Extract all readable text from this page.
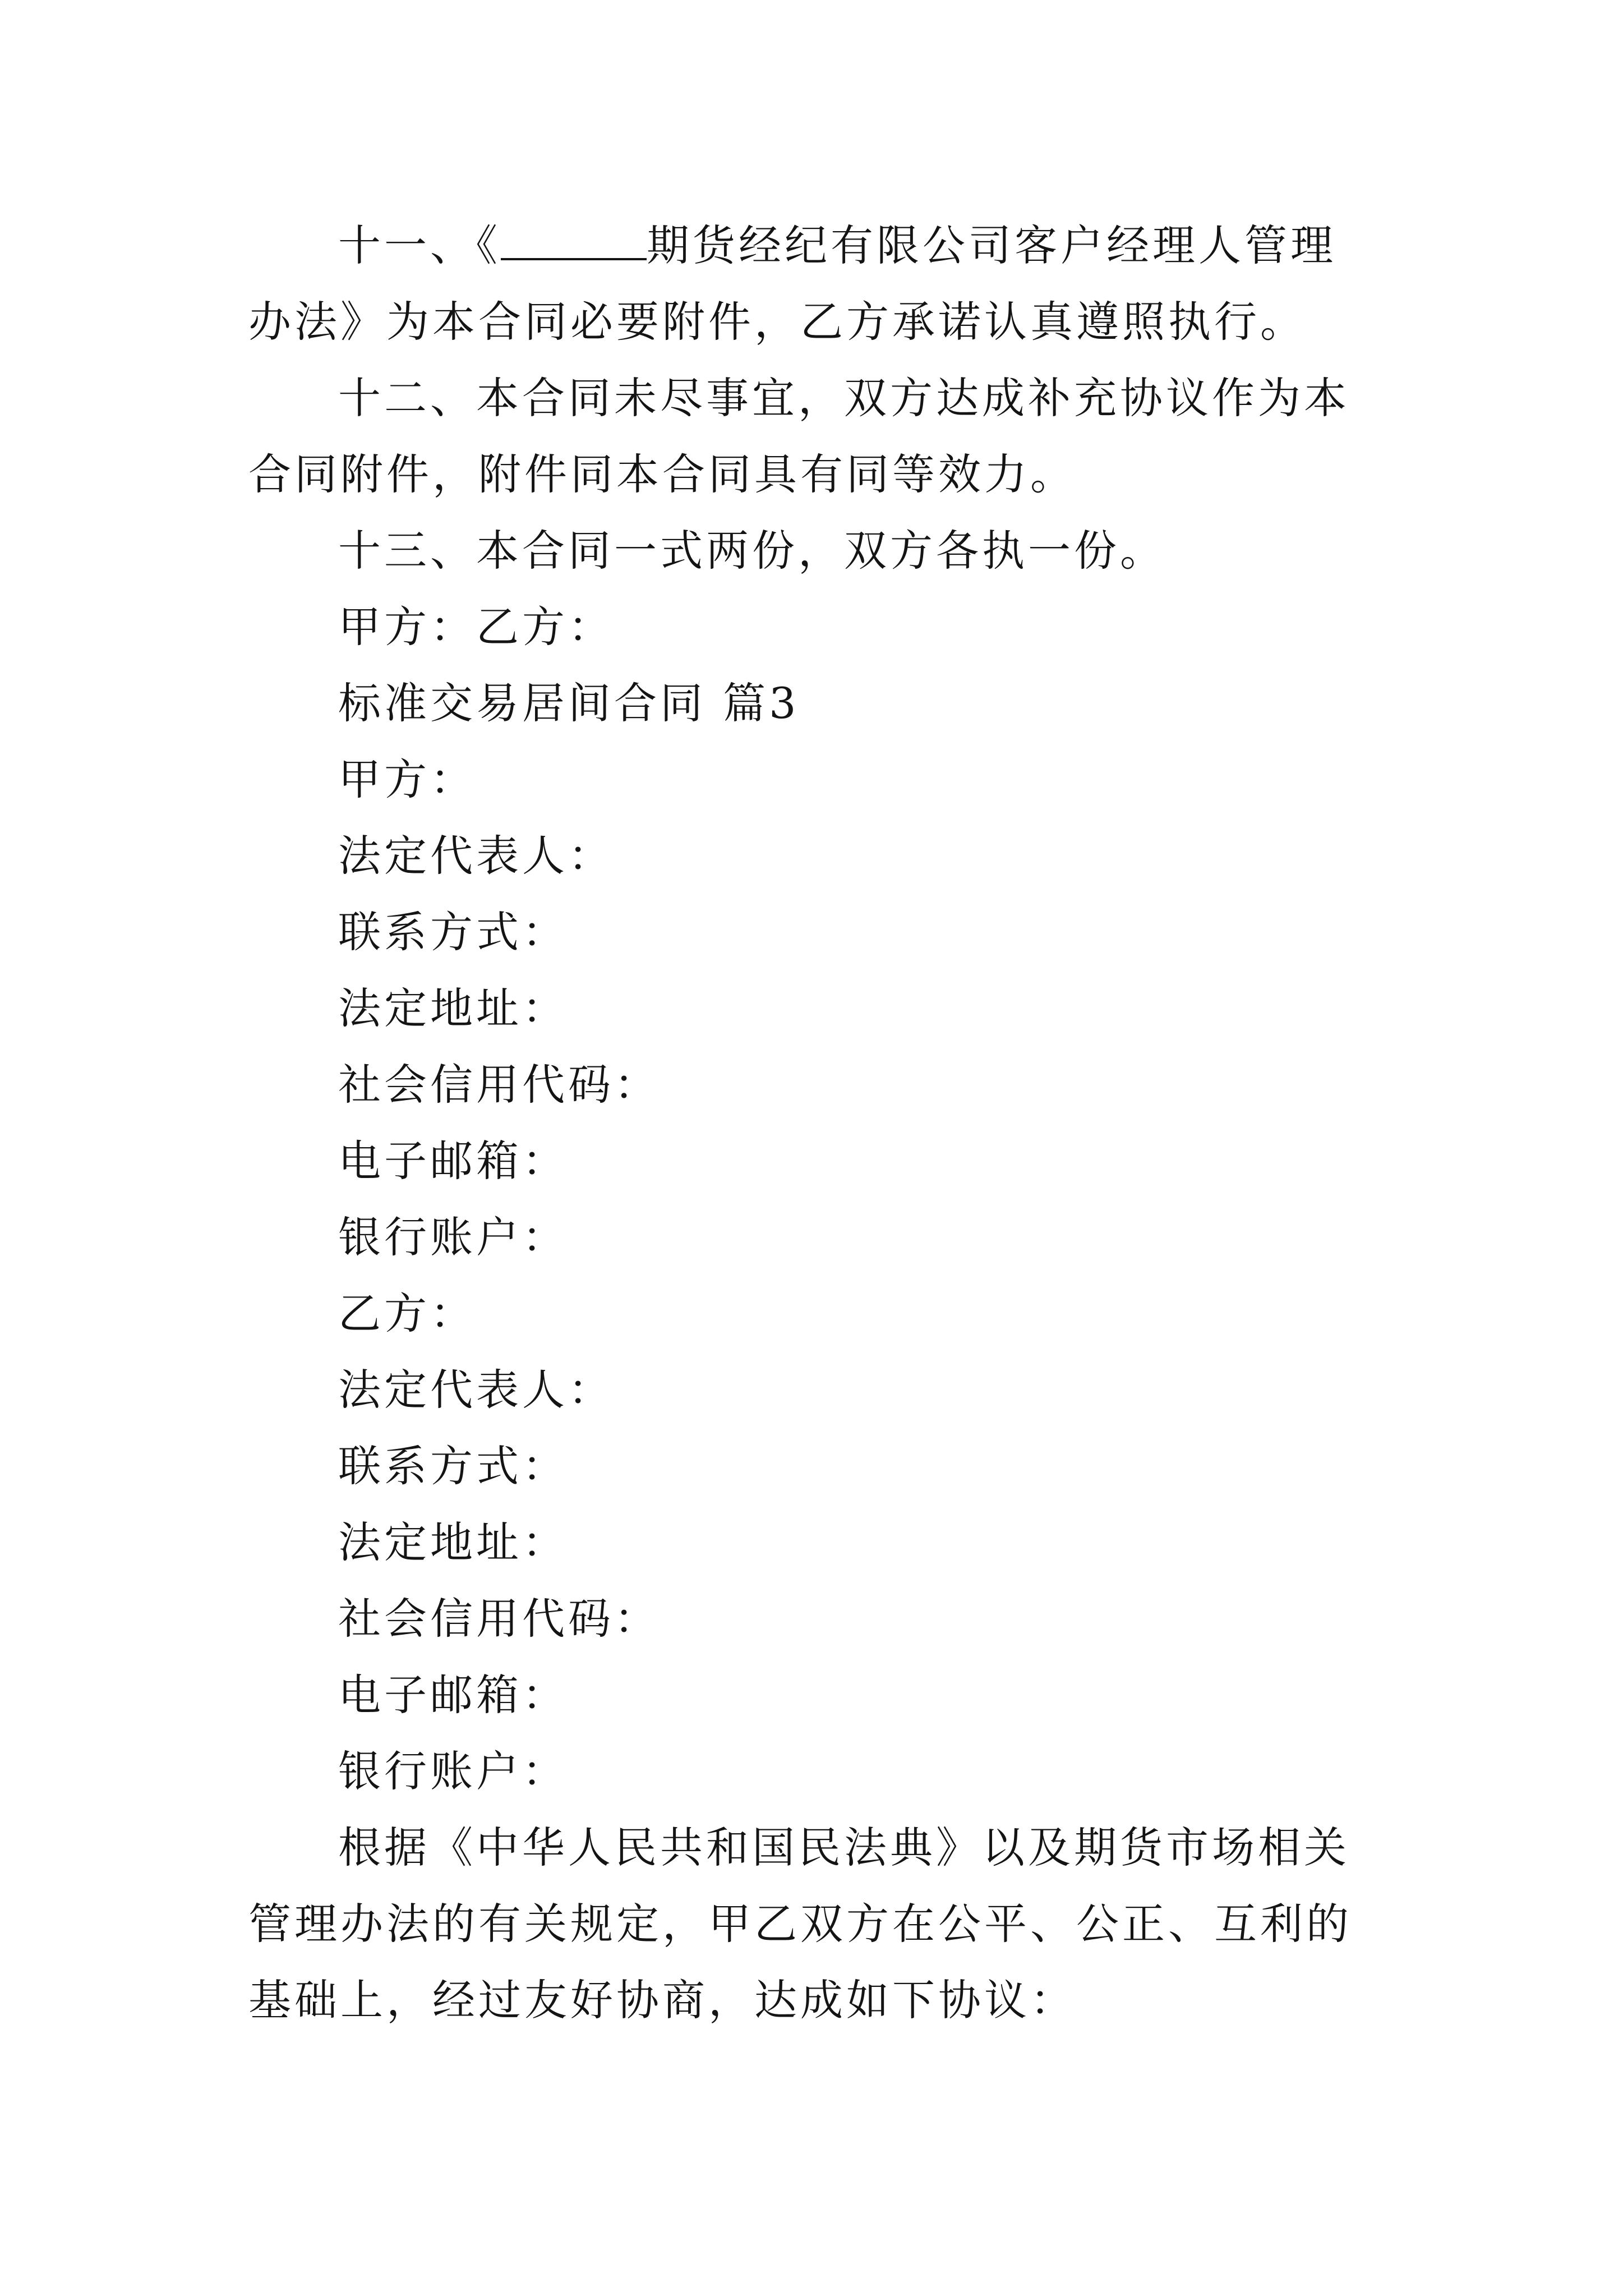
十一、《	期货经纪有限公司客户经理人管理办法》为本合同必要附件，乙方承诺认真遵照执行。

十二、本合同未尽事宜，双方达成补充协议作为本合同附件，附件同本合同具有同等效力。

十三、本合同一式两份，双方各执一份。

甲方：乙方：

标准交易居间合同 篇3

甲方：

法定代表人：

联系方式：

法定地址：

社会信用代码：

电子邮箱：

银行账户：

乙方：

法定代表人：

联系方式：

法定地址：

社会信用代码：

电子邮箱：

银行账户：

根据《中华人民共和国民法典》以及期货市场相关管理办法的有关规定，甲乙双方在公平、公正、互利的基础上，经过友好协商，达成如下协议：
